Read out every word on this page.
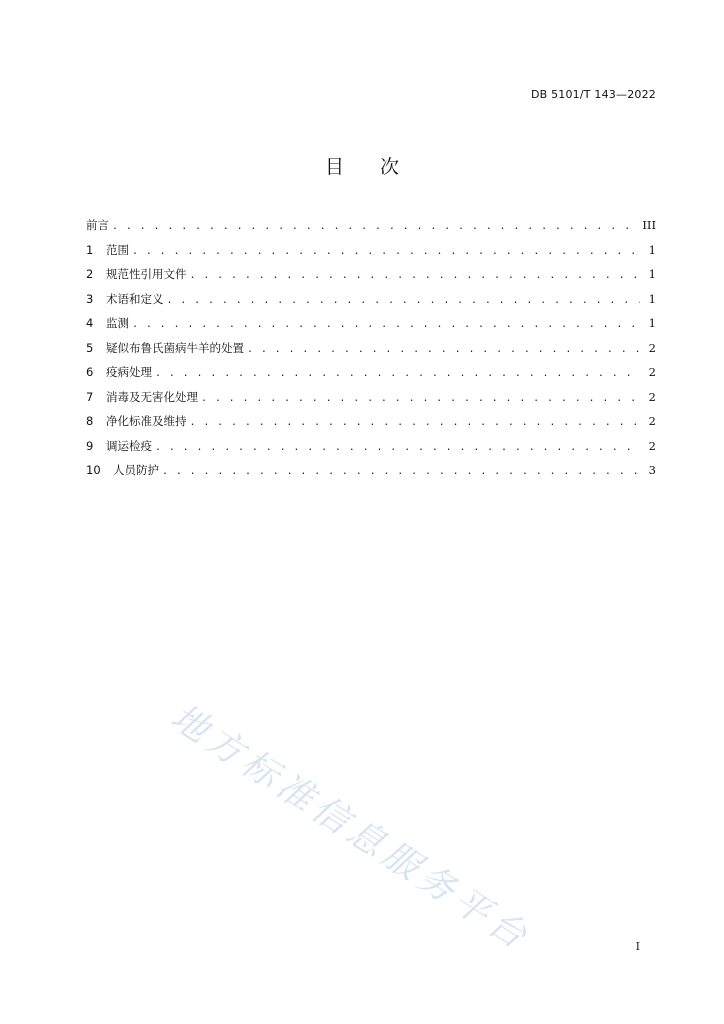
DB 5101/T 143—2022
目次
前言 . . .	III
1	范围 . . .	1
2	规范性引用文件 . . .	1
3	术语和定义 . . .	1
4	监测 . . .	1
5	疑似布鲁氏菌病牛羊的处置 . . .	2
6	疫病处理 . . .	2
7	消毒及无害化处理 . . .	2
8	净化标准及维持 . . .	2
9	调运检疫 . . .	2
10	人员防护 . . .	3
地方标准信息服务平台	I
